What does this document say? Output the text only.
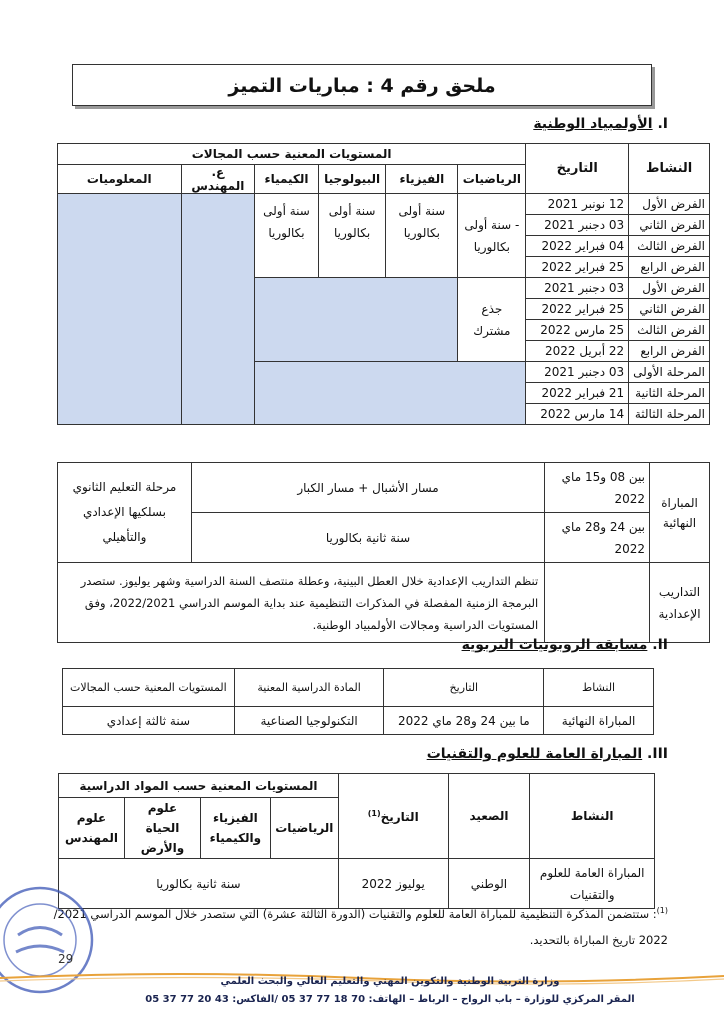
ملحق رقم 4 : مباريات التميز
I. الأولمبياد الوطنية
النشاط	التاريخ	المستويات المعنية حسب المجالات					
		الرياضيات	الفيزياء	البيولوجيا	الكيمياء	ع. المهندس	المعلوميات
الفرض الأول	12 نونبر 2021	- سنة أولى بكالوريا	سنة أولى بكالوريا	سنة أولى بكالوريا	سنة أولى بكالوريا		
الفرض الثاني	03 دجنبر 2021						
الفرض الثالث	04 فبراير 2022						
الفرض الرابع	25 فبراير 2022						
الفرض الأول	03 دجنبر 2021	جذع مشترك					
الفرض الثاني	25 فبراير 2022						
الفرض الثالث	25 مارس 2022						
الفرض الرابع	22 أبريل 2022						
المرحلة الأولى	03 دجنبر 2021						
المرحلة الثانية	21 فبراير 2022						
المرحلة الثالثة	14 مارس 2022						
المباراة النهائية	بين 08 و15 ماي 2022	مسار الأشبال + مسار الكبار	مرحلة التعليم الثانوي بسلكيها الإعدادي والتأهيلي
	بين 24 و28 ماي 2022	سنة ثانية بكالوريا	
التداريب الإعدادية		تنظم التداريب الإعدادية خلال العطل البينية، وعطلة منتصف السنة الدراسية وشهر يوليوز. ستصدر البرمجة الزمنية المفصلة في المذكرات التنظيمية عند بداية الموسم الدراسي 2022/2021، وفق المستويات الدراسية ومجالات الأولمبياد الوطنية.	
II. مسابقة الروبوتيات التربوية
النشاط	التاريخ	المادة الدراسية المعنية	المستويات المعنية حسب المجالات
المباراة النهائية	ما بين 24 و28 ماي 2022	التكنولوجيا الصناعية	سنة ثالثة إعدادي
III. المباراة العامة للعلوم والتقنيات
النشاط	الصعيد	التاريخ$^{(1)}$	المستويات المعنية حسب المواد الدراسية			
			الرياضيات	الفيزياء والكيمياء	علوم الحياة والأرض	علوم المهندس
المباراة العامة للعلوم والتقنيات	الوطني	يوليوز 2022	سنة ثانية بكالوريا			
$^{(1)}$: ستتضمن المذكرة التنظيمية للمباراة العامة للعلوم والتقنيات (الدورة الثالثة عشرة) التي ستصدر خلال الموسم الدراسي 2021/ 2022 تاريخ المباراة بالتحديد.
29
وزارة التربية الوطنية والتكوين المهني والتعليم العالي والبحث العلمي
المقر المركزي للوزارة – باب الرواح – الرباط – الهاتف: 70 18 77 37 05 /الفاكس: 43 20 77 37 05
